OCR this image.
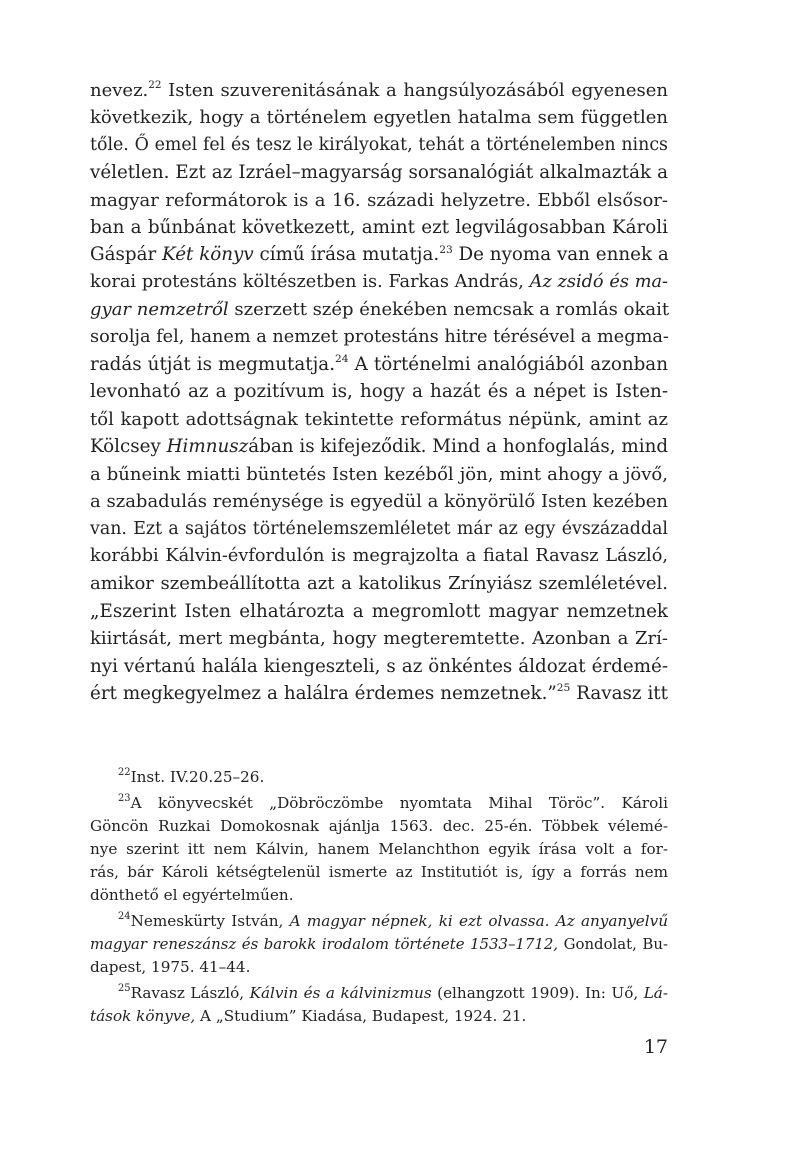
nevez.$^{22}$ Isten szuverenitásának a hangsúlyozásából egyenesen
következik, hogy a történelem egyetlen hatalma sem független
tőle. Ő emel fel és tesz le királyokat, tehát a történelemben nincs
véletlen. Ezt az Izráel–magyarság sorsanalógiát alkalmazták a
magyar reformátorok is a 16. századi helyzetre. Ebből elsősor-
ban a bűnbánat következett, amint ezt legvilágosabban Károli
Gáspár Két könyv című írása mutatja.$^{23}$ De nyoma van ennek a
korai protestáns költészetben is. Farkas András, Az zsidó és ma-
gyar nemzetről szerzett szép énekében nemcsak a romlás okait
sorolja fel, hanem a nemzet protestáns hitre térésével a megma-
radás útját is megmutatja.$^{24}$ A történelmi analógiából azonban
levonható az a pozitívum is, hogy a hazát és a népet is Isten-
től kapott adottságnak tekintette református népünk, amint az
Kölcsey Himnuszában is kifejeződik. Mind a honfoglalás, mind
a bűneink miatti büntetés Isten kezéből jön, mint ahogy a jövő,
a szabadulás reménysége is egyedül a könyörülő Isten kezében
van. Ezt a sajátos történelemszemléletet már az egy évszázaddal
korábbi Kálvin-évfordulón is megrajzolta a fiatal Ravasz László,
amikor szembeállította azt a katolikus Zrínyiász szemléletével.
„Eszerint Isten elhatározta a megromlott magyar nemzetnek
kiirtását, mert megbánta, hogy megteremtette. Azonban a Zrí-
nyi vértanú halála kiengeszteli, s az önkéntes áldozat érdemé-
ért megkegyelmez a halálra érdemes nemzetnek.”$^{25}$ Ravasz itt
$^{22}$Inst. IV.20.25–26.
$^{23}$A könyvecskét „Döbröczömbe nyomtata Mihal Töröc”. Károli
Göncön Ruzkai Domokosnak ajánlja 1563. dec. 25-én. Többek vélemé-
nye szerint itt nem Kálvin, hanem Melanchthon egyik írása volt a for-
rás, bár Károli kétségtelenül ismerte az Institutiót is, így a forrás nem
dönthető el egyértelműen.
$^{24}$Nemeskürty István, A magyar népnek, ki ezt olvassa. Az anyanyelvű
magyar reneszánsz és barokk irodalom története 1533–1712, Gondolat, Bu-
dapest, 1975. 41–44.
$^{25}$Ravasz László, Kálvin és a kálvinizmus (elhangzott 1909). In: Uő, Lá-
tások könyve, A „Studium” Kiadása, Budapest, 1924. 21.
17
